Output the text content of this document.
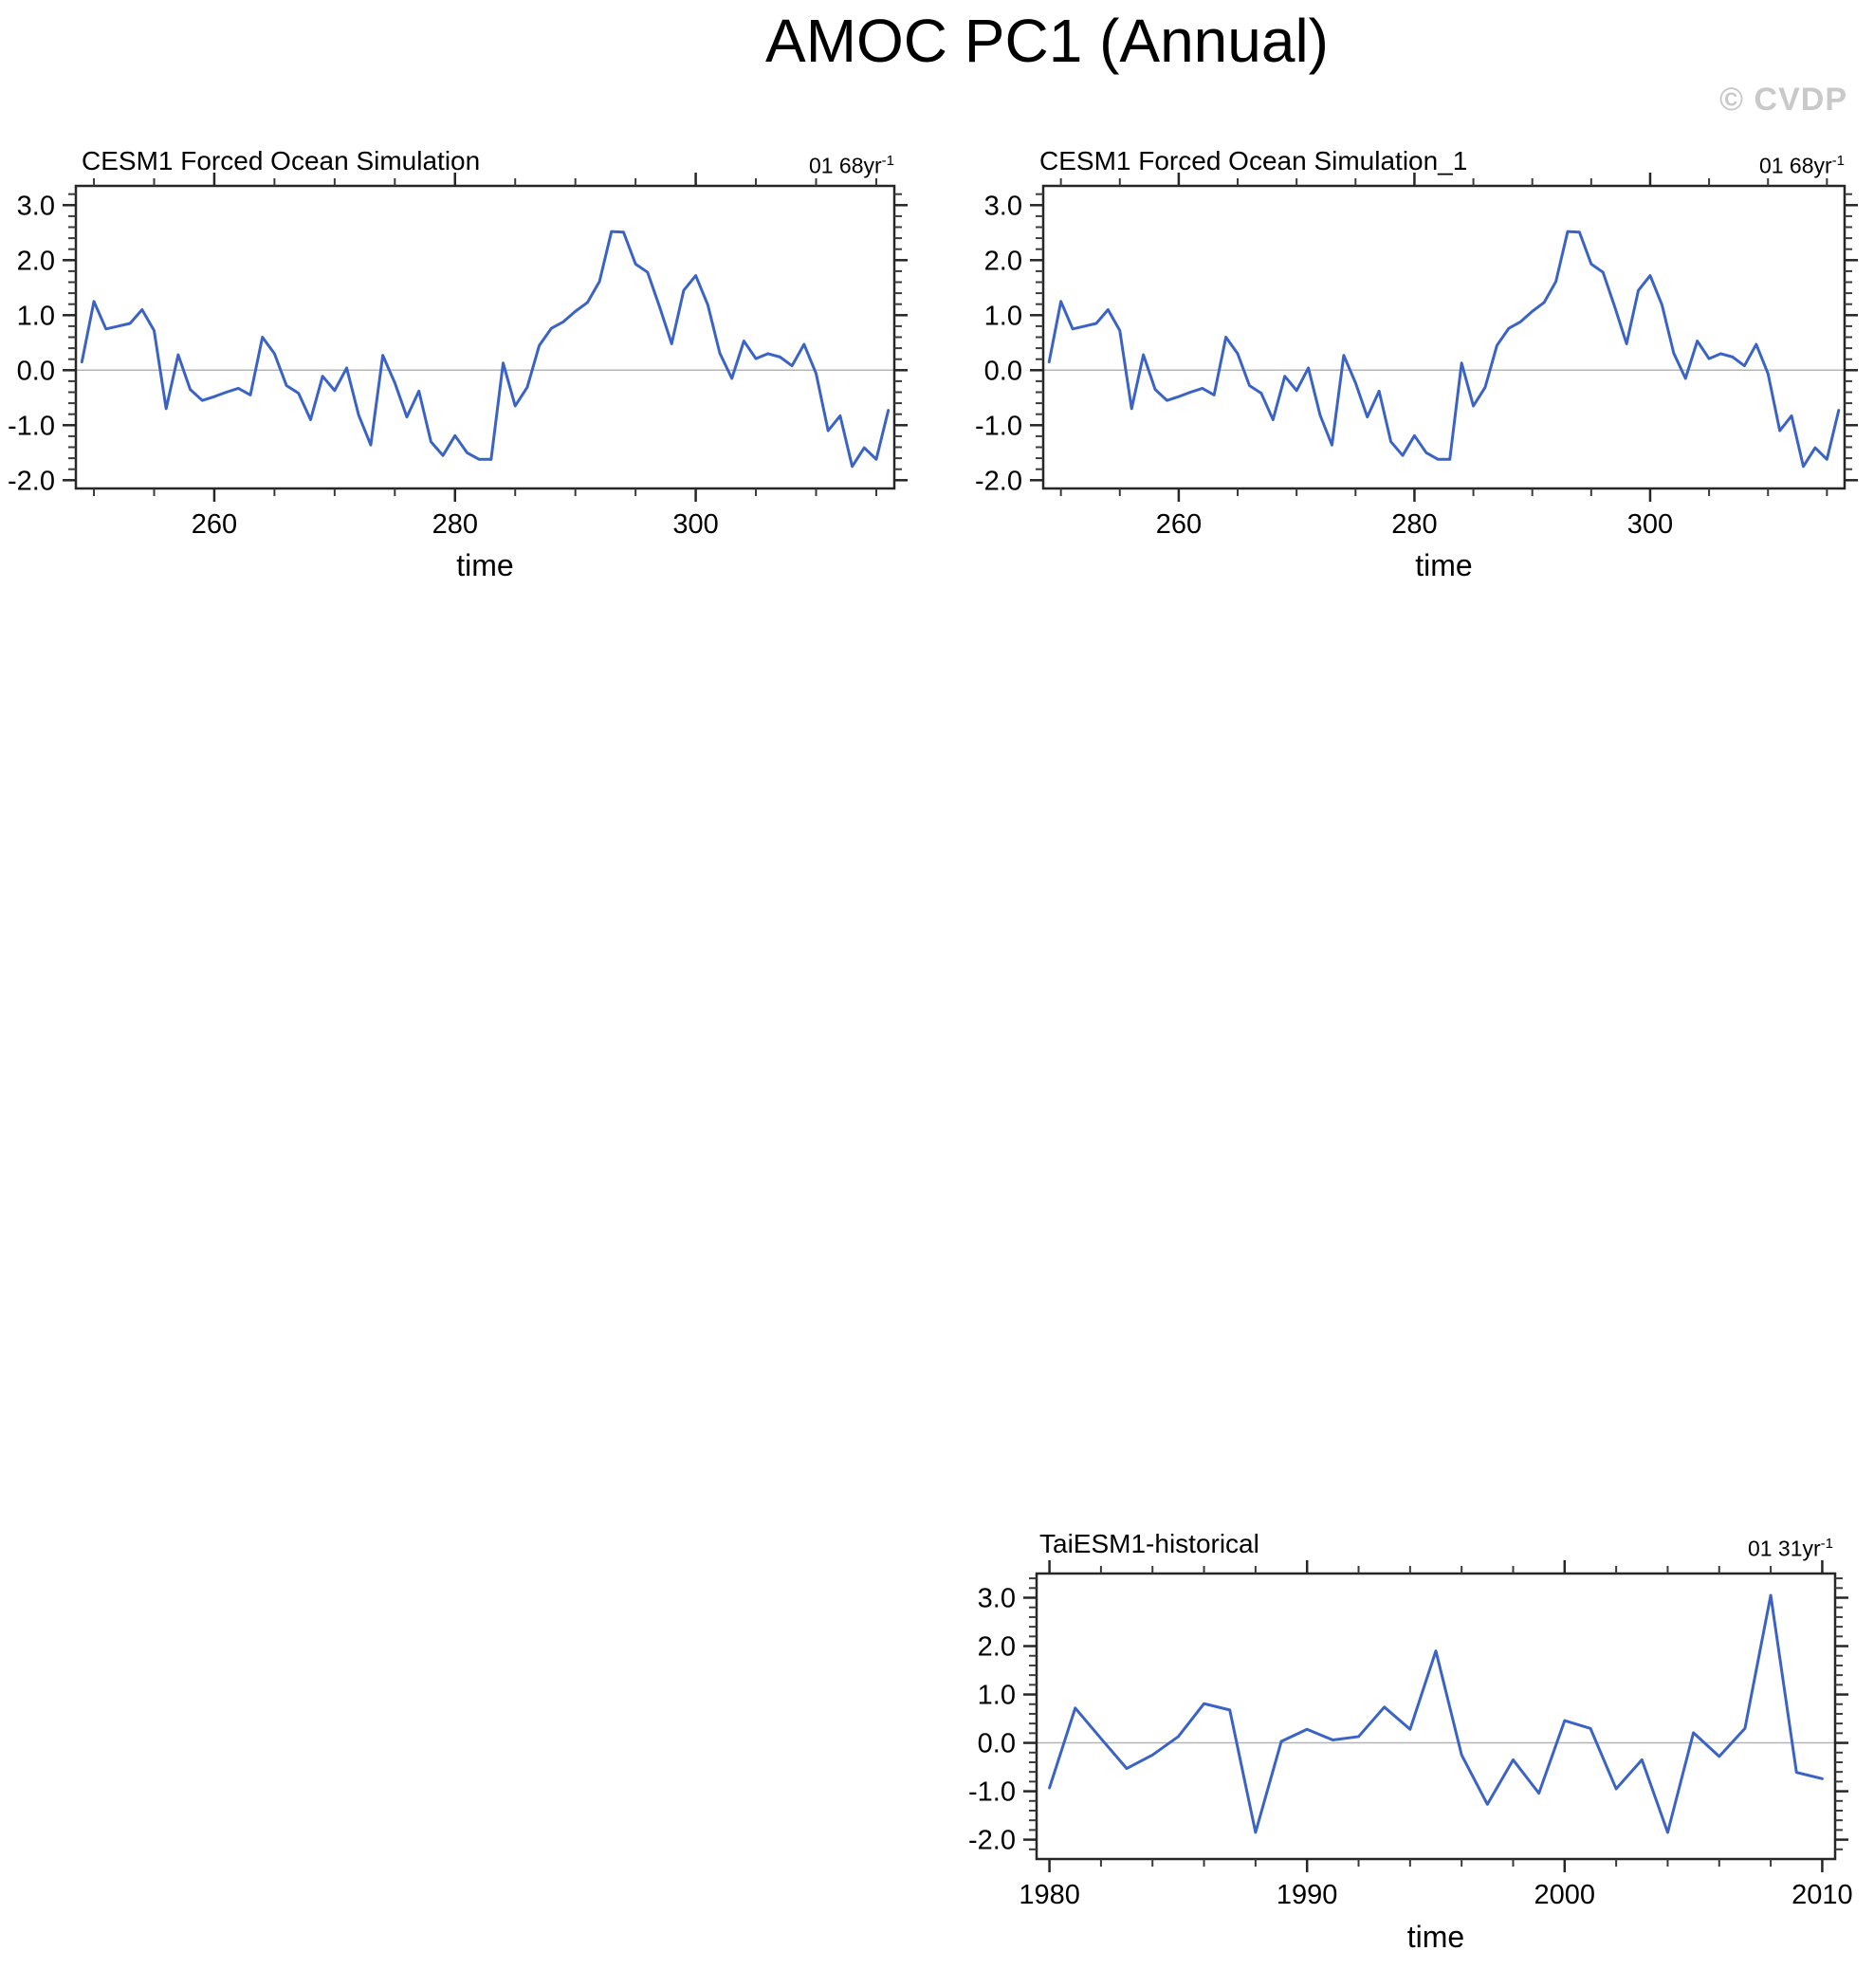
AMOC PC1 (Annual)
© CVDP
CESM1 Forced Ocean Simulation	01 $68yr^{-1}$
260	280	300
-2.0
-1.0
0.0
1.0
2.0
3.0
time
CESM1 Forced Ocean Simulation_1	01 $68yr^{-1}$
260	280	300
-2.0
-1.0
0.0
1.0
2.0
3.0
time
TaiESM1-historical	01 $31yr^{-1}$
1980	1990	2000	2010
-2.0
-1.0
0.0
1.0
2.0
3.0
time
